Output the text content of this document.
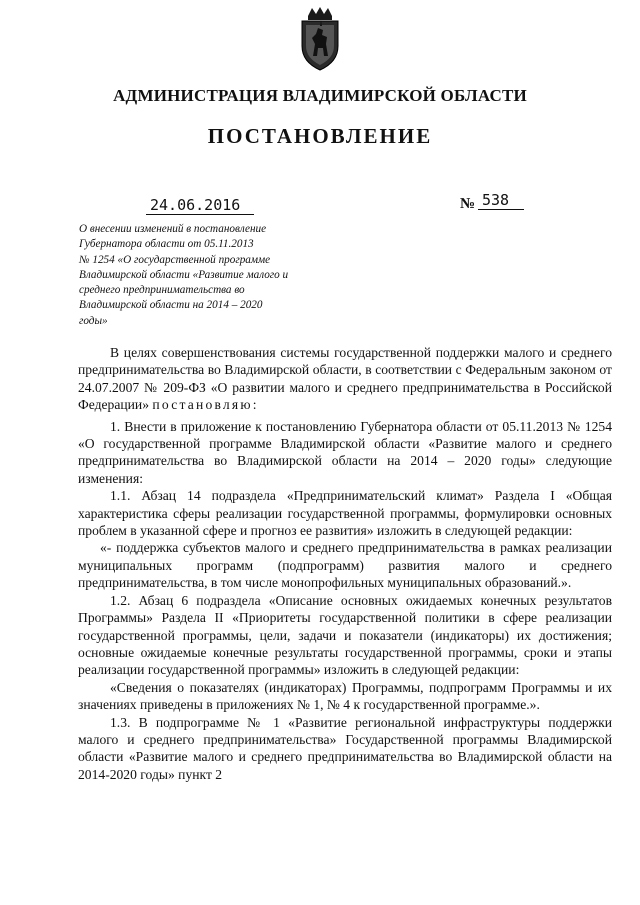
АДМИНИСТРАЦИЯ ВЛАДИМИРСКОЙ ОБЛАСТИ
ПОСТАНОВЛЕНИЕ
24.06.2016	№ 538
О внесении изменений в постановление
Губернатора области от 05.11.2013
№ 1254 «О государственной программе
Владимирской области «Развитие малого и
среднего предпринимательства во
Владимирской области на 2014 – 2020
годы»

В целях совершенствования системы государственной поддержки малого и среднего предпринимательства во Владимирской области, в соответствии с Федеральным законом от 24.07.2007 № 209-ФЗ «О развитии малого и среднего предпринимательства в Российской Федерации» постановляю:

1. Внести в приложение к постановлению Губернатора области от 05.11.2013 № 1254 «О государственной программе Владимирской области «Развитие малого и среднего предпринимательства во Владимирской области на 2014 – 2020 годы» следующие изменения:

1.1. Абзац 14 подраздела «Предпринимательский климат» Раздела I «Общая характеристика сферы реализации государственной программы, формулировки основных проблем в указанной сфере и прогноз ее развития» изложить в следующей редакции:

«- поддержка субъектов малого и среднего предпринимательства в рамках реализации муниципальных программ (подпрограмм) развития малого и среднего предпринимательства, в том числе монопрофильных муниципальных образований.».

1.2. Абзац 6 подраздела «Описание основных ожидаемых конечных результатов Программы» Раздела II «Приоритеты государственной политики в сфере реализации государственной программы, цели, задачи и показатели (индикаторы) их достижения; основные ожидаемые конечные результаты государственной программы, сроки и этапы реализации государственной программы» изложить в следующей редакции:

«Сведения о показателях (индикаторах) Программы, подпрограмм Программы и их значениях приведены в приложениях № 1, № 4 к государственной программе.».

1.3. В подпрограмме № 1 «Развитие региональной инфраструктуры поддержки малого и среднего предпринимательства» Государственной программы Владимирской области «Развитие малого и среднего предпринимательства во Владимирской области на 2014-2020 годы» пункт 2
